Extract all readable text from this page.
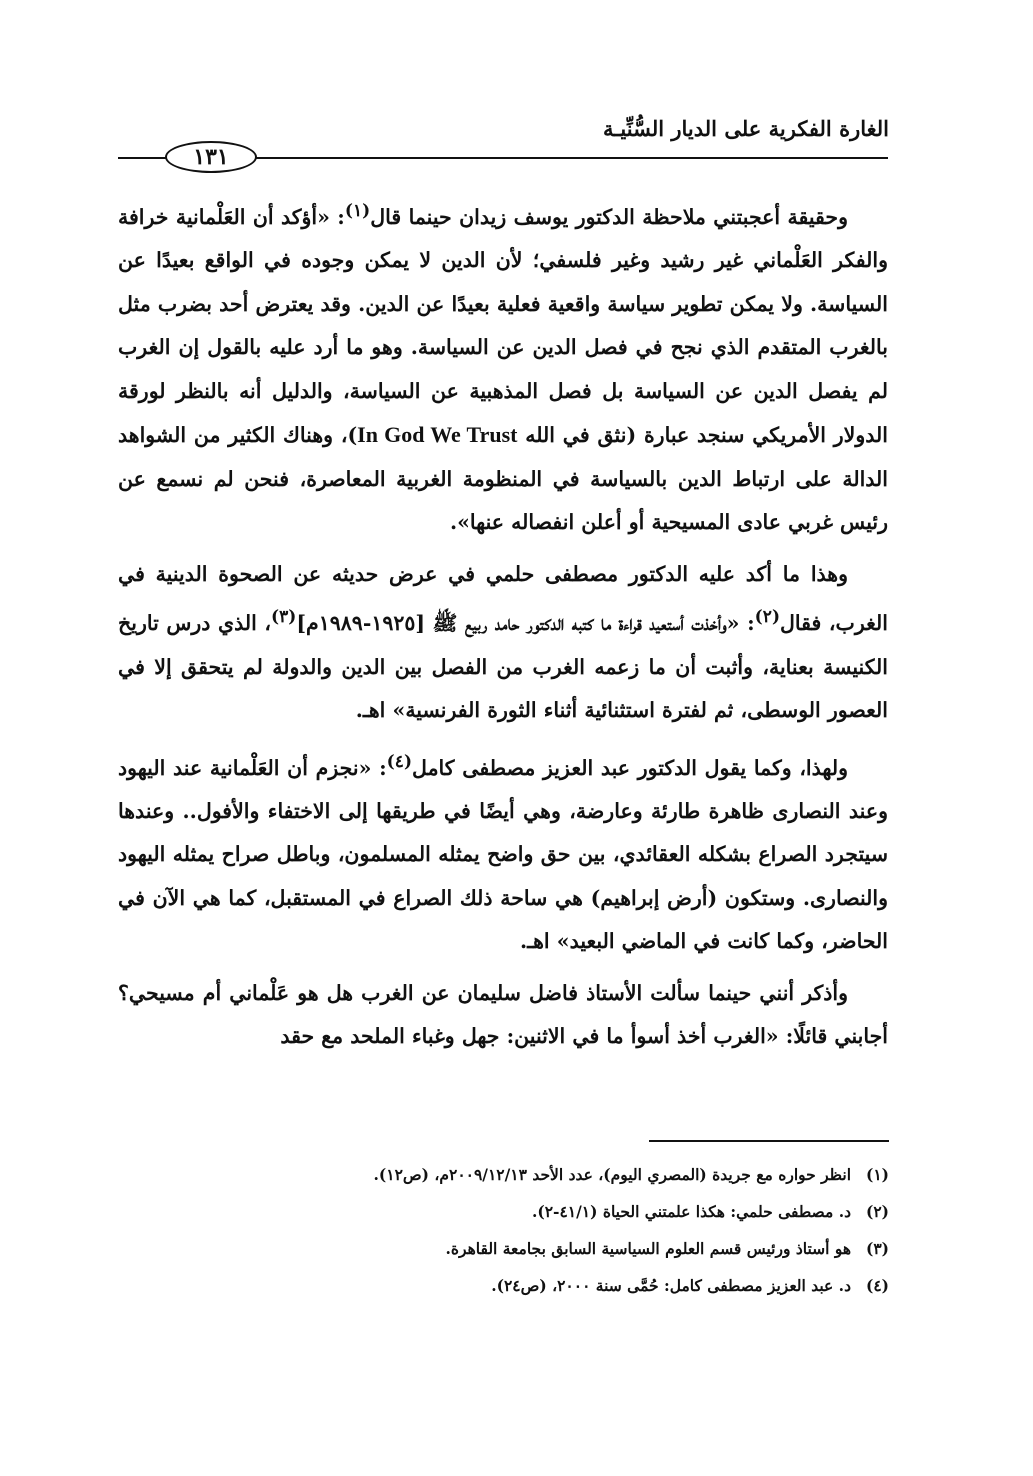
الغارة الفكرية على الديار السُّنِّيـة
١٣١

وحقيقة أعجبتني ملاحظة الدكتور يوسف زيدان حينما قال$^{(١)}$: «أؤكد أن العَلْمانية خرافة والفكر العَلْماني غير رشيد وغير فلسفي؛ لأن الدين لا يمكن وجوده في الواقع بعيدًا عن السياسة. ولا يمكن تطوير سياسة واقعية فعلية بعيدًا عن الدين. وقد يعترض أحد بضرب مثل بالغرب المتقدم الذي نجح في فصل الدين عن السياسة. وهو ما أرد عليه بالقول إن الغرب لم يفصل الدين عن السياسة بل فصل المذهبية عن السياسة، والدليل أنه بالنظر لورقة الدولار الأمريكي سنجد عبارة (نثق في الله In God We Trust)، وهناك الكثير من الشواهد الدالة على ارتباط الدين بالسياسة في المنظومة الغربية المعاصرة، فنحن لم نسمع عن رئيس غربي عادى المسيحية أو أعلن انفصاله عنها».

وهذا ما أكد عليه الدكتور مصطفى حلمي في عرض حديثه عن الصحوة الدينية في الغرب، فقال$^{(٢)}$: «وأخذت أستعيد قراءة ما كتبه الدكتور حامد ربيع ﷺ [١٩٢٥-١٩٨٩م]$^{(٣)}$، الذي درس تاريخ الكنيسة بعناية، وأثبت أن ما زعمه الغرب من الفصل بين الدين والدولة لم يتحقق إلا في العصور الوسطى، ثم لفترة استثنائية أثناء الثورة الفرنسية» اهـ.

ولهذا، وكما يقول الدكتور عبد العزيز مصطفى كامل$^{(٤)}$: «نجزم أن العَلْمانية عند اليهود وعند النصارى ظاهرة طارئة وعارضة، وهي أيضًا في طريقها إلى الاختفاء والأفول.. وعندها سيتجرد الصراع بشكله العقائدي، بين حق واضح يمثله المسلمون، وباطل صراح يمثله اليهود والنصارى. وستكون (أرض إبراهيم) هي ساحة ذلك الصراع في المستقبل، كما هي الآن في الحاضر، وكما كانت في الماضي البعيد» اهـ.

وأذكر أنني حينما سألت الأستاذ فاضل سليمان عن الغرب هل هو عَلْماني أم مسيحي؟ أجابني قائلًا: «الغرب أخذ أسوأ ما في الاثنين: جهل وغباء الملحد مع حقد

(١)انظر حواره مع جريدة (المصري اليوم)، عدد الأحد ٢٠٠٩/١٢/١٣م، (ص١٢).
(٢)د. مصطفى حلمي: هكذا علمتني الحياة (٤١/١-٢).
(٣)هو أستاذ ورئيس قسم العلوم السياسية السابق بجامعة القاهرة.
(٤)د. عبد العزيز مصطفى كامل: حُمَّى سنة ٢٠٠٠، (ص٢٤).
